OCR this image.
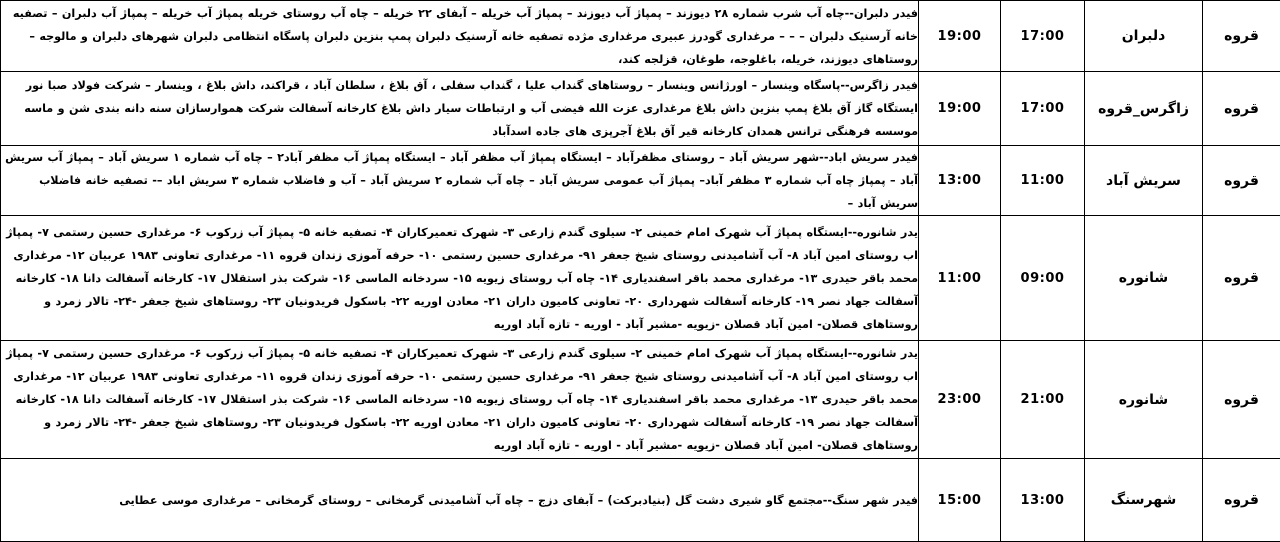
قروه	دلبران	17:00	19:00	فیدر دلبران--چاه آب شرب شماره ۲۸ دیوزند – پمپاژ آب دیوزند – پمپاژ آب خریله – آبفای ۲۲ خریله – چاه آب روستای خریله پمپاژ آب خریله – پمپاژ آب دلبران – تصفیه خانه آرسنیک دلبران – – – مرغداری گودرز عبیری مرغداری مژده تصفیه خانه آرسنیک دلبران پمپ بنزین دلبران پاسگاه انتظامی دلبران شهرهای دلبران و مالوجه – روستاهای دیوزند، خریله، باغلوجه، طوغان، قزلجه کند،
قروه	زاگرس_قروه	17:00	19:00	فیدر زاگرس--پاسگاه وینسار – اورژانس وینسار – روستاهای گنداب علیا ، گنداب سفلی ، آق بلاغ ، سلطان آباد ، قراکند، داش بلاغ ، وینسار – شرکت فولاد صبا نور ایستگاه گاز آق بلاغ پمپ بنزین داش بلاغ مرغداری عزت الله فیضی آب و ارتباطات سیار داش بلاغ کارخانه آسفالت شرکت هموارسازان سنه دانه بندی شن و ماسه موسسه فرهنگی ترانس همدان کارخانه قیر آق بلاغ آجرپزی های جاده اسدآباد
قروه	سریش آباد	11:00	13:00	فیدر سریش اباد--شهر سریش آباد – روستای مظفرآباد – ایستگاه پمپاژ آب مظفر آباد – ایستگاه پمپاژ آب مظفر آباد۲ – چاه آب شماره ۱ سریش آباد – پمپاژ آب سریش آباد – پمپاژ چاه آب شماره ۳ مظفر آباد– پمپاژ آب عمومی سریش آباد – چاه آب شماره ۲ سریش آباد – آب و فاضلاب شماره ۳ سریش اباد –- تصفیه خانه فاضلاب سریش آباد –
قروه	شانوره	09:00	11:00	یدر شانوره--ایستگاه پمپاژ آب شهرک امام خمینی ۲- سیلوی گندم زارعی ۳- شهرک تعمیرکاران ۴- تصفیه خانه ۵- پمپاژ آب زرکوب ۶- مرغداری حسین رستمی ۷- پمپاژ اب روستای امین آباد ۸- آب آشامیدنی روستای شیخ جعفر ۹۱- مرغداری حسین رستمی ۱۰- حرفه آموزی زندان قروه ۱۱- مرغداری تعاونی ۱۹۸۳ عربیان ۱۲- مرغداری محمد باقر حیدری ۱۳- مرغداری محمد باقر اسفندیاری ۱۴- چاه آب روستای زیویه ۱۵- سردخانه الماسی ۱۶- شرکت بذر استقلال ۱۷- کارخانه آسفالت دانا ۱۸- کارخانه آسفالت جهاد نصر ۱۹- کارخانه آسفالت شهرداری ۲۰- تعاونی کامیون داران ۲۱- معادن اوریه ۲۲- باسکول فریدونیان ۲۳- روستاهای شیخ جعفر -۲۴- تالار زمرد و روستاهای قصلان- امین آباد قصلان -زیویه -مشیر آباد - اوریه - تازه آباد اوریه
قروه	شانوره	21:00	23:00	یدر شانوره--ایستگاه پمپاژ آب شهرک امام خمینی ۲- سیلوی گندم زارعی ۳- شهرک تعمیرکاران ۴- تصفیه خانه ۵- پمپاژ آب زرکوب ۶- مرغداری حسین رستمی ۷- پمپاژ اب روستای امین آباد ۸- آب آشامیدنی روستای شیخ جعفر ۹۱- مرغداری حسین رستمی ۱۰- حرفه آموزی زندان قروه ۱۱- مرغداری تعاونی ۱۹۸۳ عربیان ۱۲- مرغداری محمد باقر حیدری ۱۳- مرغداری محمد باقر اسفندیاری ۱۴- چاه آب روستای زیویه ۱۵- سردخانه الماسی ۱۶- شرکت بذر استقلال ۱۷- کارخانه آسفالت دانا ۱۸- کارخانه آسفالت جهاد نصر ۱۹- کارخانه آسفالت شهرداری ۲۰- تعاونی کامیون داران ۲۱- معادن اوریه ۲۲- باسکول فریدونیان ۲۳- روستاهای شیخ جعفر -۲۴- تالار زمرد و روستاهای قصلان- امین آباد قصلان -زیویه -مشیر آباد - اوریه - تازه آباد اوریه
قروه	شهرسنگ	13:00	15:00	فیدر شهر سنگ--مجتمع گاو شیری دشت گل (بنیادبرکت) – آبفای دزج – چاه آب آشامیدنی گرمخانی – روستای گرمخانی – مرغداری موسی عطایی
